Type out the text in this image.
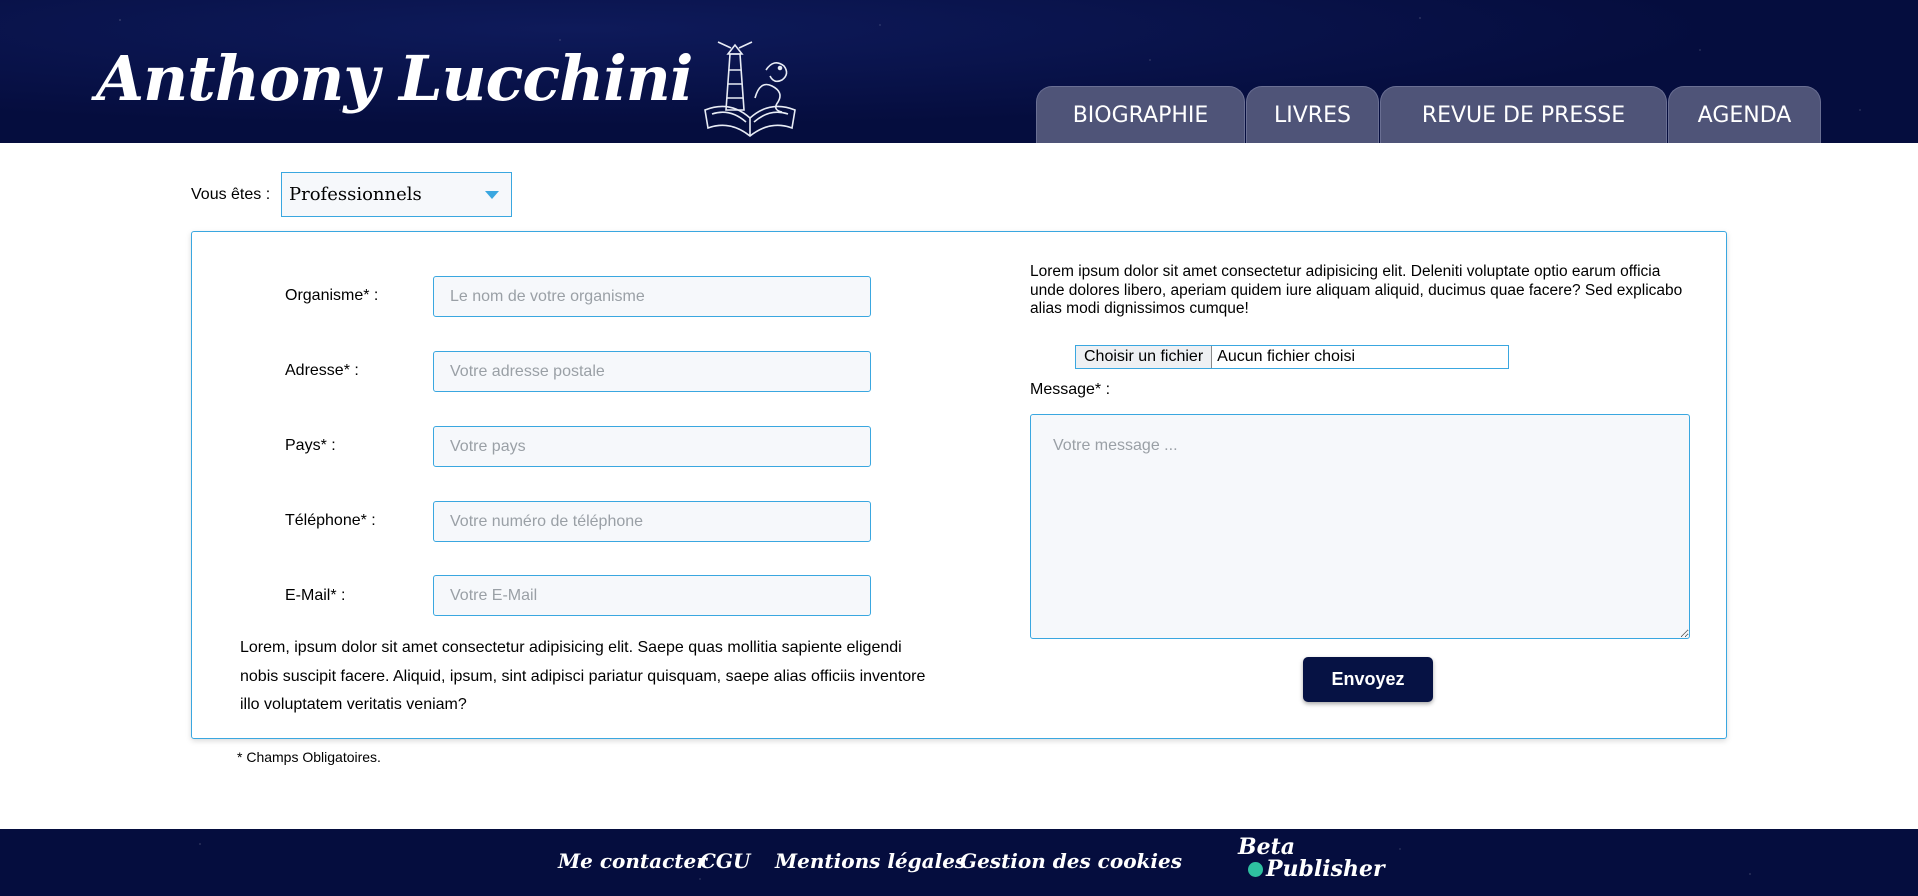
Anthony Lucchini	BIOGRAPHIE	LIVRES	REVUE DE PRESSE	AGENDA
Vous êtes : Professionnels
Organisme* :
Le nom de votre organisme
Adresse* :
Votre adresse postale
Pays* :
Votre pays
Téléphone* :
Votre numéro de téléphone
E-Mail* :
Votre E-Mail
Lorem, ipsum dolor sit amet consectetur adipisicing elit. Saepe quas mollitia sapiente eligendi nobis suscipit facere. Aliquid, ipsum, sint adipisci pariatur quisquam, saepe alias officiis inventore illo voluptatem veritatis veniam?
Lorem ipsum dolor sit amet consectetur adipisicing elit. Deleniti voluptate optio earum officia unde dolores libero, aperiam quidem iure aliquam aliquid, ducimus quae facere? Sed explicabo alias modi dignissimos cumque!
Choisir un fichier Aucun fichier choisi
Message* :
Votre message ...
Envoyez
* Champs Obligatoires.
Me contacter
CGU Mentions légales
Gestion des cookies
Beta
Publisher
